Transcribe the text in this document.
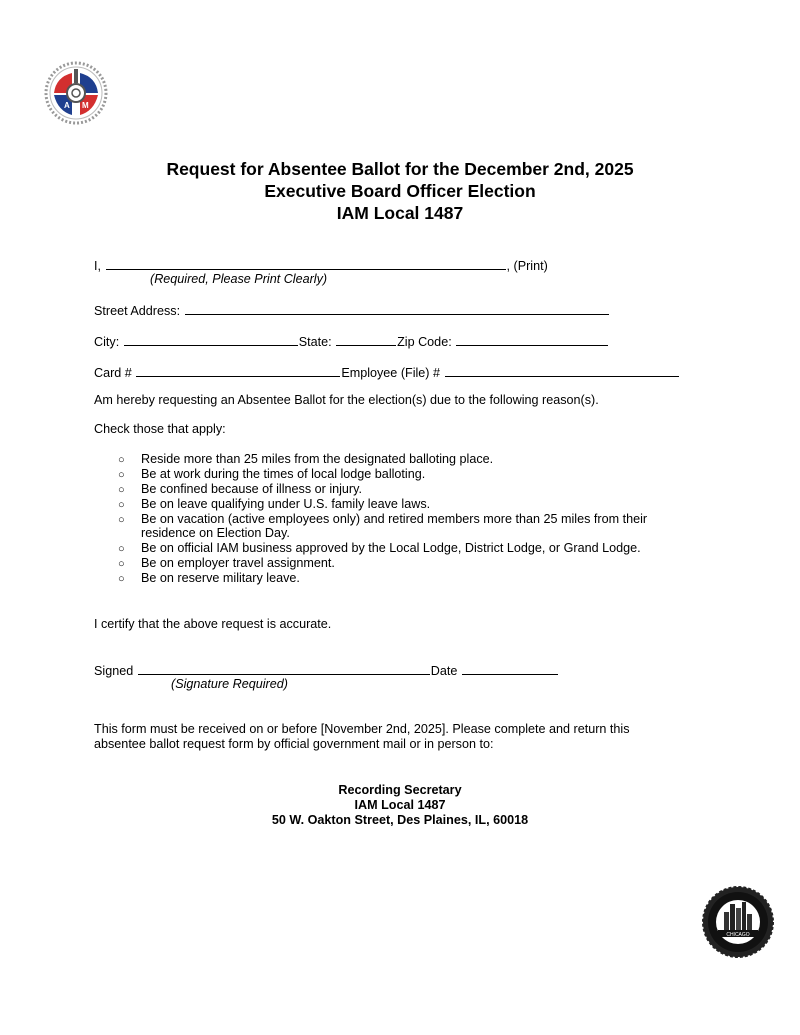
A M
Request for Absentee Ballot for the December 2nd, 2025
Executive Board Officer Election
IAM Local 1487
I,	, (Print)
(Required, Please Print Clearly)
Street Address:
City:	State:	Zip Code:
Card #	Employee (File) #
Am hereby requesting an Absentee Ballot for the election(s) due to the following reason(s).
Check those that apply:
○ Reside more than 25 miles from the designated balloting place.
○ Be at work during the times of local lodge balloting.
○ Be confined because of illness or injury.
○ Be on leave qualifying under U.S. family leave laws.
○ Be on vacation (active employees only) and retired members more than 25 miles from their
residence on Election Day.
○ Be on official IAM business approved by the Local Lodge, District Lodge, or Grand Lodge.
○ Be on employer travel assignment.
○ Be on reserve military leave.
I certify that the above request is accurate.
Signed	Date
(Signature Required)
This form must be received on or before [November 2nd, 2025]. Please complete and return this
absentee ballot request form by official government mail or in person to:
Recording Secretary
IAM Local 1487
50 W. Oakton Street, Des Plaines, IL, 60018
CHICAGO
